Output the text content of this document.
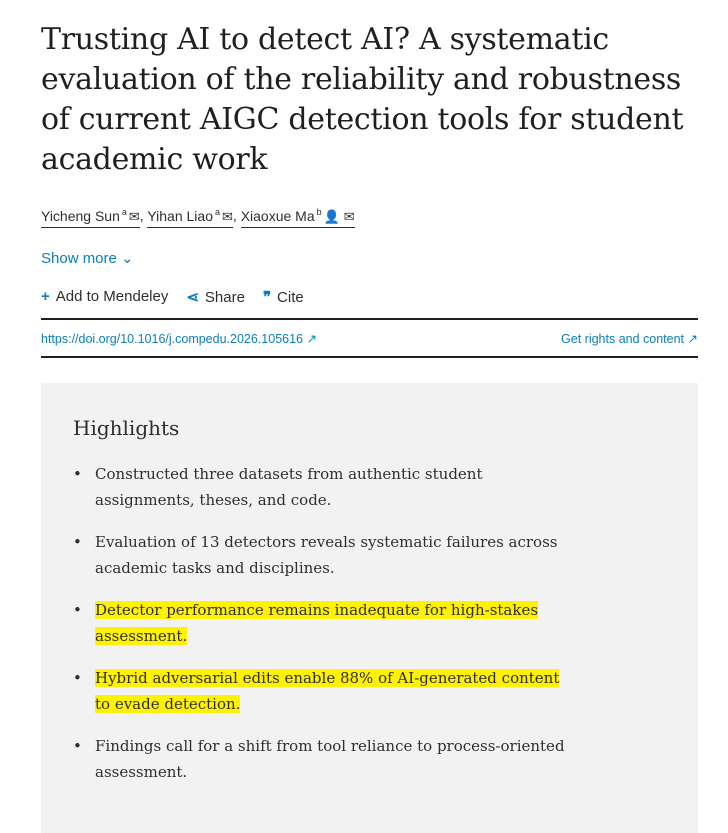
Trusting AI to detect AI? A systematic evaluation of the reliability and robustness of current AIGC detection tools for student academic work
Yicheng Sun $^a$ ✉, Yihan Liao $^a$ ✉, Xiaoxue Ma $^b$ 👤 ✉
Show more ⌄
+ Add to Mendeley ⋖ Share ❞ Cite
https://doi.org/10.1016/j.compedu.2026.105616 ↗	Get rights and content ↗
Highlights
• Constructed three datasets from authentic student assignments, theses, and code.
• Evaluation of 13 detectors reveals systematic failures across academic tasks and disciplines.
• Detector performance remains inadequate for high-stakes assessment.
• Hybrid adversarial edits enable 88% of AI-generated content to evade detection.
• Findings call for a shift from tool reliance to process-oriented assessment.
